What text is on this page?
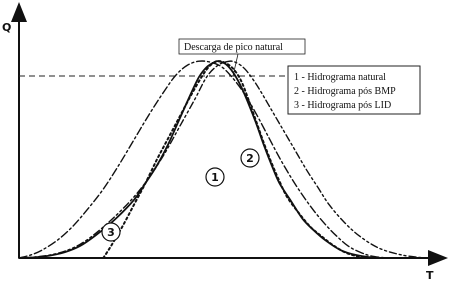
Q
T
Descarga de pico natural
1 - Hidrograma natural
2 - Hidrograma pós BMP
3 - Hidrograma pós LID
1
2
3
